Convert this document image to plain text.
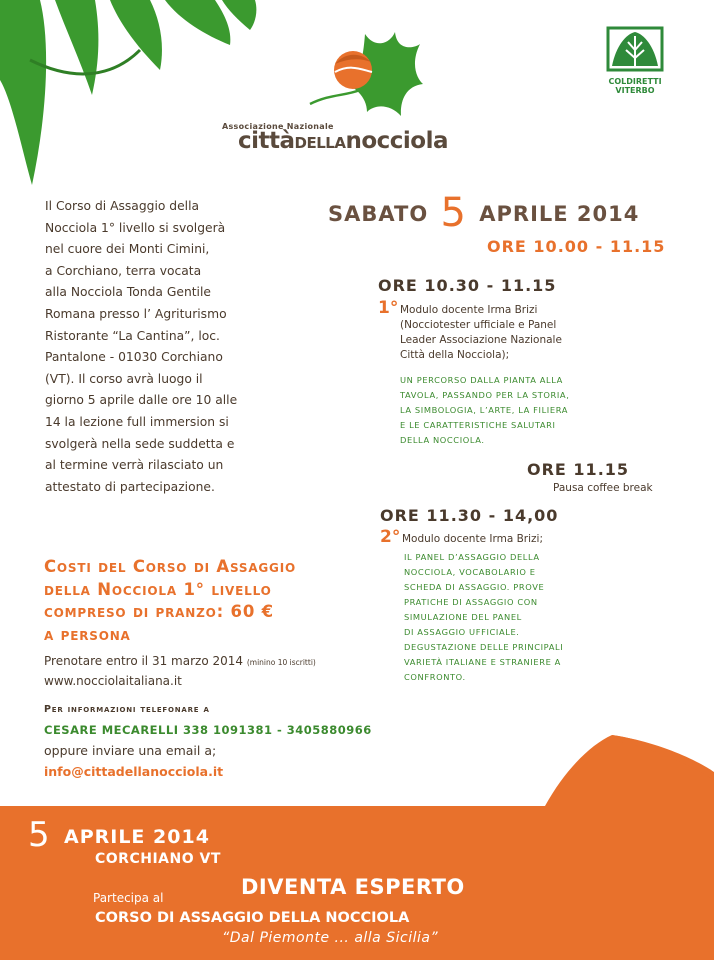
Associazione Nazionale
cittàDELLAnocciola
COLDIRETTI
VITERBO

Il Corso di Assaggio della

Nocciola 1° livello si svolgerà

nel cuore dei Monti Cimini,

a Corchiano, terra vocata

alla Nocciola Tonda Gentile

Romana presso l’ Agriturismo

Ristorante “La Cantina”, loc.

Pantalone - 01030 Corchiano

(VT). Il corso avrà luogo il

giorno 5 aprile dalle ore 10 alle

14 la lezione full immersion si

svolgerà nella sede suddetta e

al termine verrà rilasciato un

attestato di partecipazione.

SABATO 5 APRILE 2014
ORE 10.00 - 11.15
ORE 10.30 - 11.15
1° Modulo docente Irma Brizi
(Nocciotester ufficiale e Panel
Leader Associazione Nazionale
Città della Nocciola);
UN PERCORSO DALLA PIANTA ALLA
TAVOLA, PASSANDO PER LA STORIA,
LA SIMBOLOGIA, L’ARTE, LA FILIERA
E LE CARATTERISTICHE SALUTARI
DELLA NOCCIOLA.
ORE 11.15
Pausa coffee break
ORE 11.30 - 14,00
2° Modulo docente Irma Brizi;
IL PANEL D’ASSAGGIO DELLA
NOCCIOLA, VOCABOLARIO E
SCHEDA DI ASSAGGIO. PROVE
PRATICHE DI ASSAGGIO CON
SIMULAZIONE DEL PANEL
DI ASSAGGIO UFFICIALE.
DEGUSTAZIONE DELLE PRINCIPALI
VARIETÀ ITALIANE E STRANIERE A
CONFRONTO.
Costi del Corso di Assaggio
della Nocciola 1° livello
compreso di pranzo: 60 €
a persona
Prenotare entro il 31 marzo 2014 (minino 10 iscritti)
www.nocciolaitaliana.it
Per informazioni telefonare a
CESARE MECARELLI 338 1091381 - 3405880966
oppure inviare una email a;
info@cittadellanocciola.it
5 APRILE 2014
CORCHIANO VT
Partecipa al	DIVENTA ESPERTO
CORSO DI ASSAGGIO DELLA NOCCIOLA
“Dal Piemonte ... alla Sicilia”
